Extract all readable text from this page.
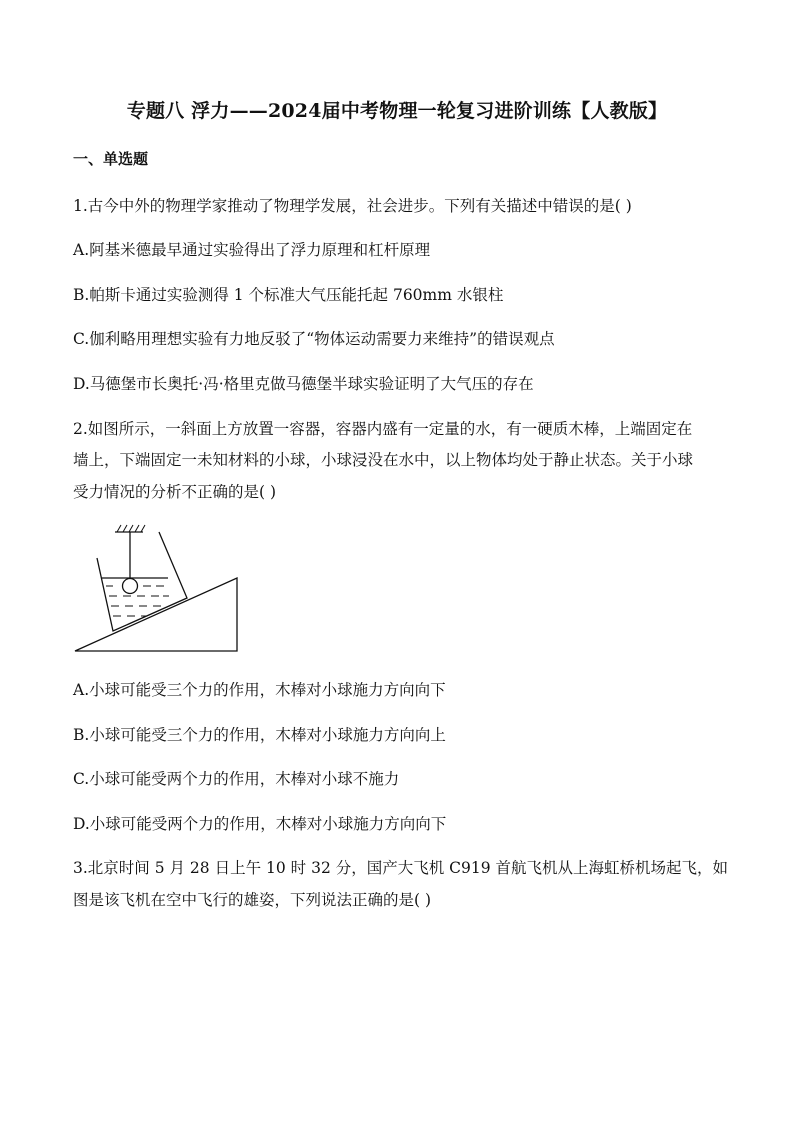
专题八 浮力——2024届中考物理一轮复习进阶训练【人教版】
一、单选题
1.古今中外的物理学家推动了物理学发展，社会进步。下列有关描述中错误的是( )
A.阿基米德最早通过实验得出了浮力原理和杠杆原理
B.帕斯卡通过实验测得 1 个标准大气压能托起 760mm 水银柱
C.伽利略用理想实验有力地反驳了“物体运动需要力来维持”的错误观点
D.马德堡市长奥托·冯·格里克做马德堡半球实验证明了大气压的存在
2.如图所示，一斜面上方放置一容器，容器内盛有一定量的水，有一硬质木棒，上端固定在
墙上，下端固定一未知材料的小球，小球浸没在水中，以上物体均处于静止状态。关于小球
受力情况的分析不正确的是( )
A.小球可能受三个力的作用，木棒对小球施力方向向下
B.小球可能受三个力的作用，木棒对小球施力方向向上
C.小球可能受两个力的作用，木棒对小球不施力
D.小球可能受两个力的作用，木棒对小球施力方向向下
3.北京时间 5 月 28 日上午 10 时 32 分，国产大飞机 C919 首航飞机从上海虹桥机场起飞，如
图是该飞机在空中飞行的雄姿，下列说法正确的是( )
